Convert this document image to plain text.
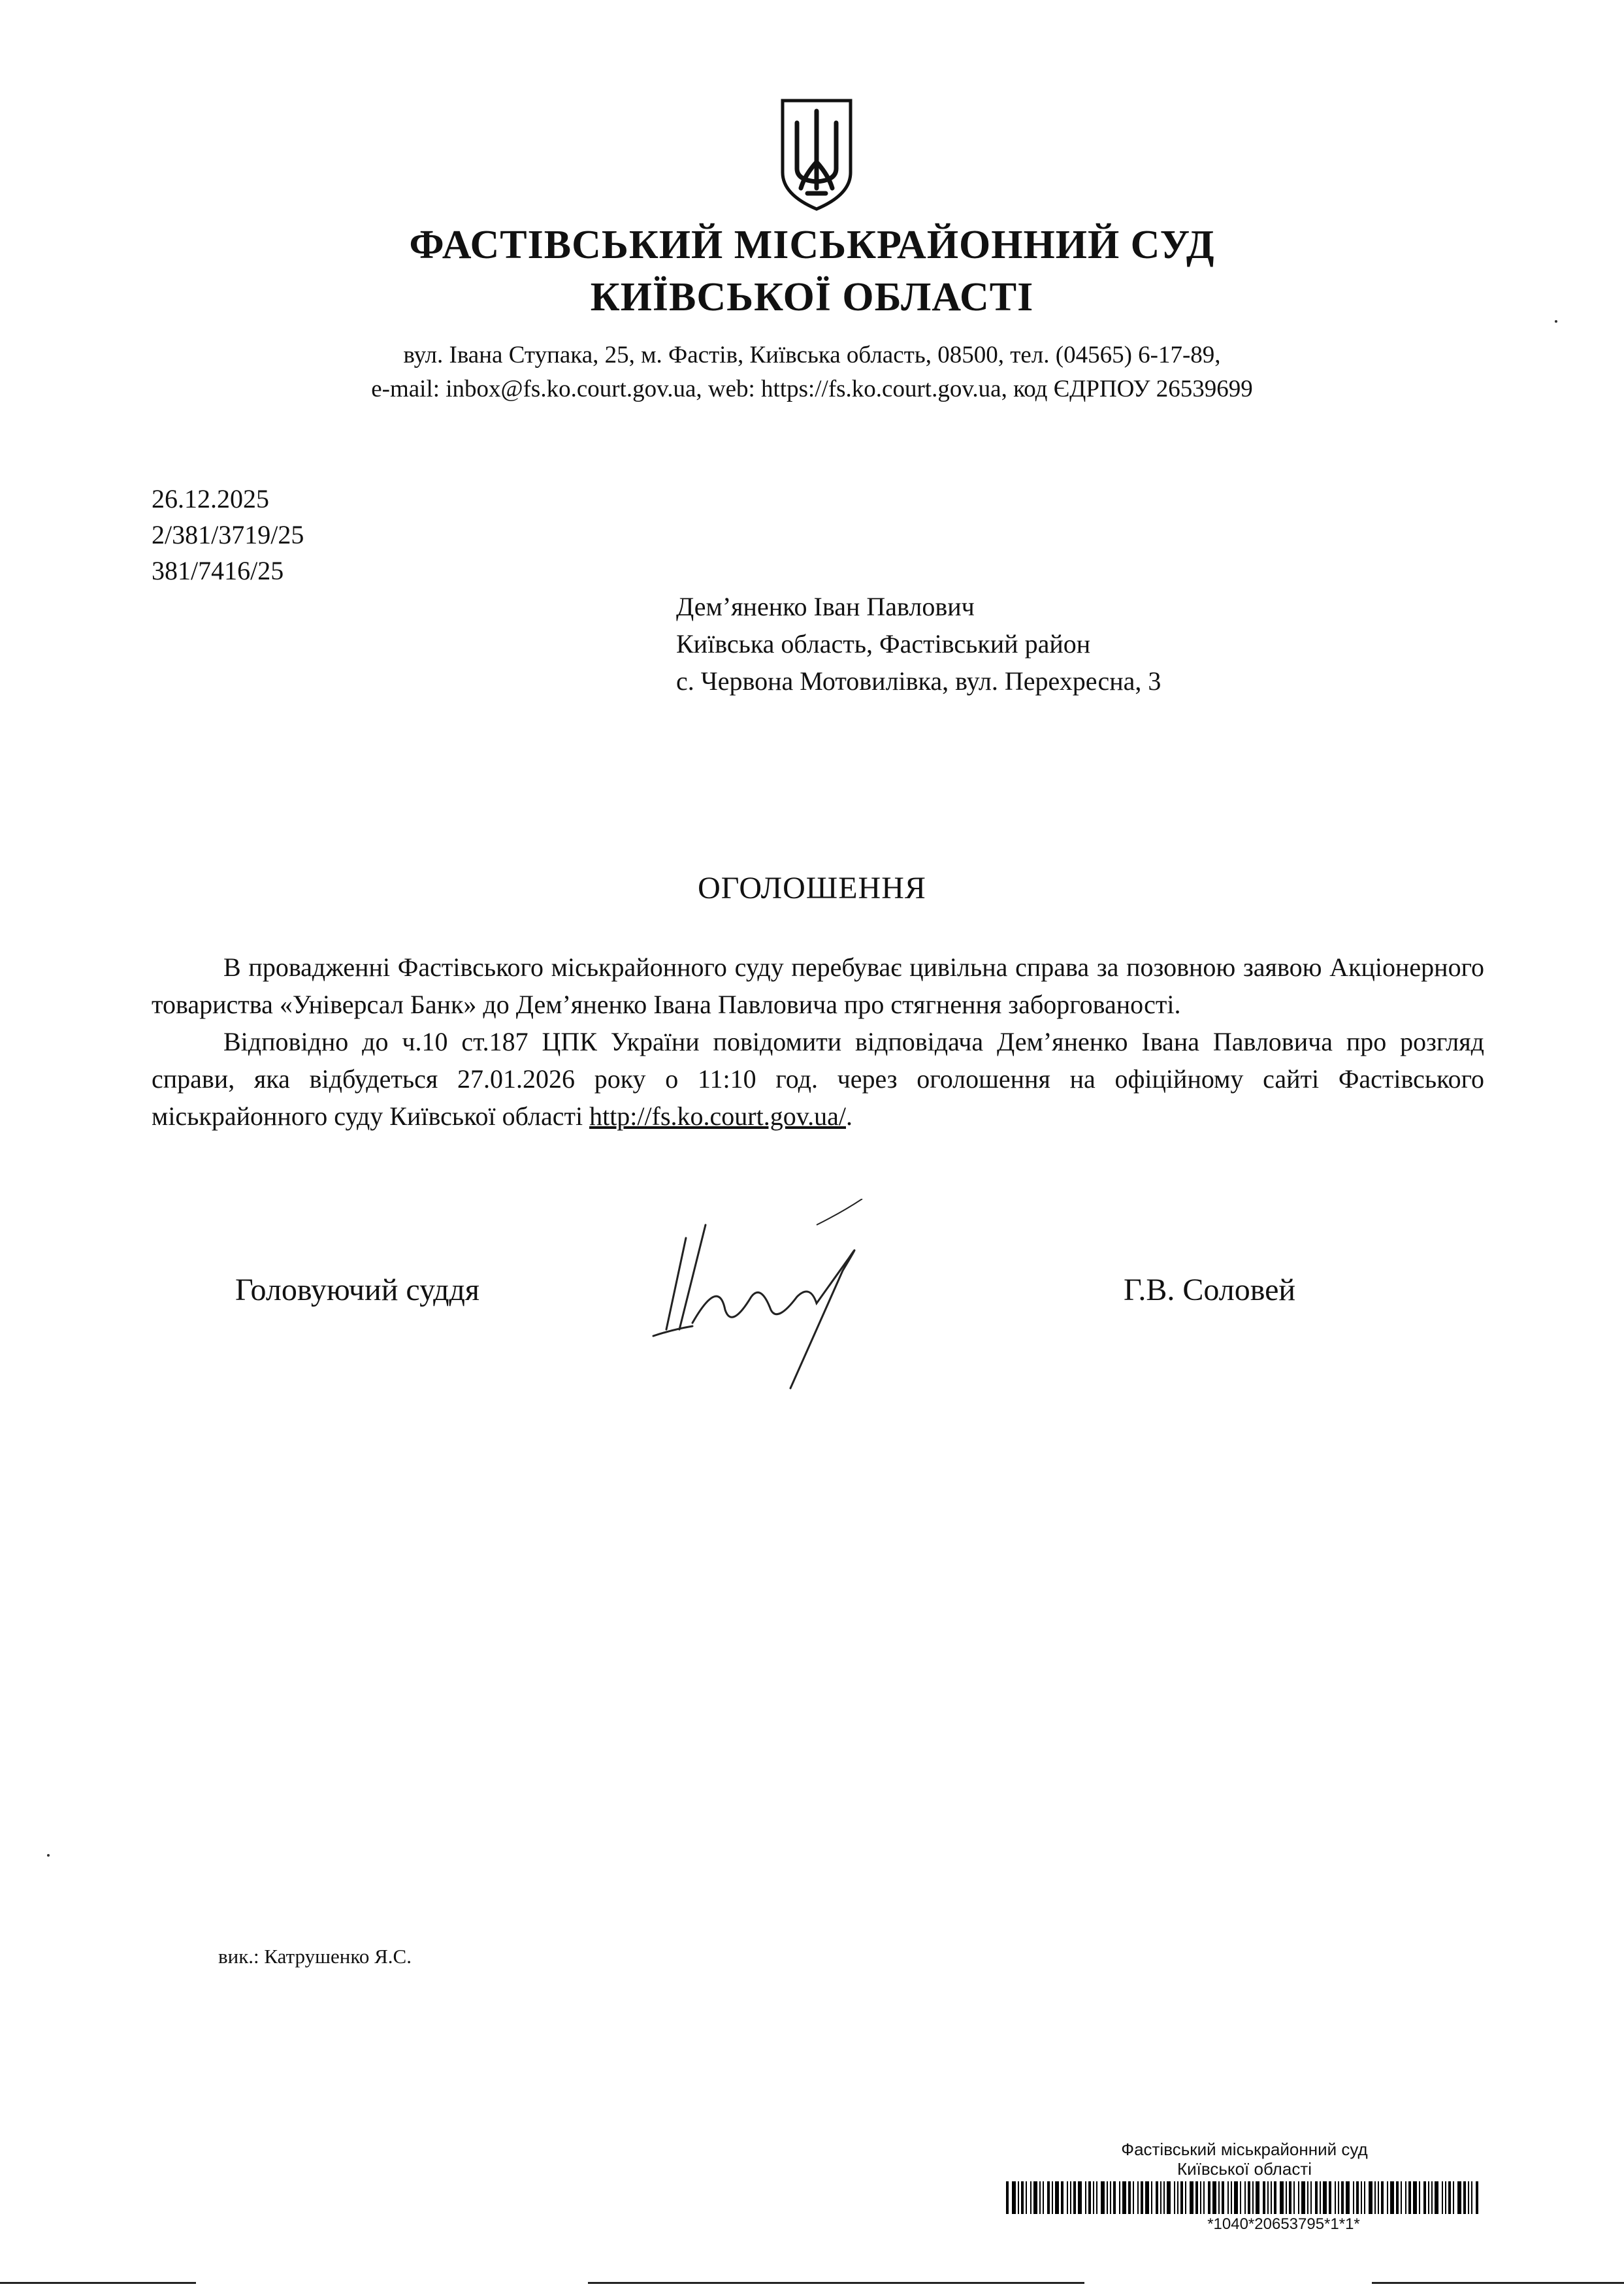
ФАСТІВСЬКИЙ МІСЬКРАЙОННИЙ СУД
КИЇВСЬКОЇ ОБЛАСТІ
вул. Івана Ступака, 25, м. Фастів, Київська область, 08500, тел. (04565) 6-17-89,
e-mail: inbox@fs.ko.court.gov.ua, web: https://fs.ko.court.gov.ua, код ЄДРПОУ 26539699
26.12.2025
2/381/3719/25
381/7416/25
Дем’яненко Іван Павлович
Київська область, Фастівський район
с. Червона Мотовилівка, вул. Перехресна, 3
ОГОЛОШЕННЯ

В провадженні Фастівського міськрайонного суду перебуває цивільна справа за позовною заявою Акціонерного товариства «Універсал Банк» до Дем’яненко Івана Павловича про стягнення заборгованості.

Відповідно до ч.10 ст.187 ЦПК України повідомити відповідача Дем’яненко Івана Павловича про розгляд справи, яка відбудеться 27.01.2026 року о 11:10 год. через оголошення на офіційному сайті Фастівського міськрайонного суду Київської області http://fs.ko.court.gov.ua/.

Головуючий суддя	Г.В. Соловей
вик.: Катрушенко Я.С.
Фастівський міськрайонний суд
Київської області
*1040*20653795*1*1*
